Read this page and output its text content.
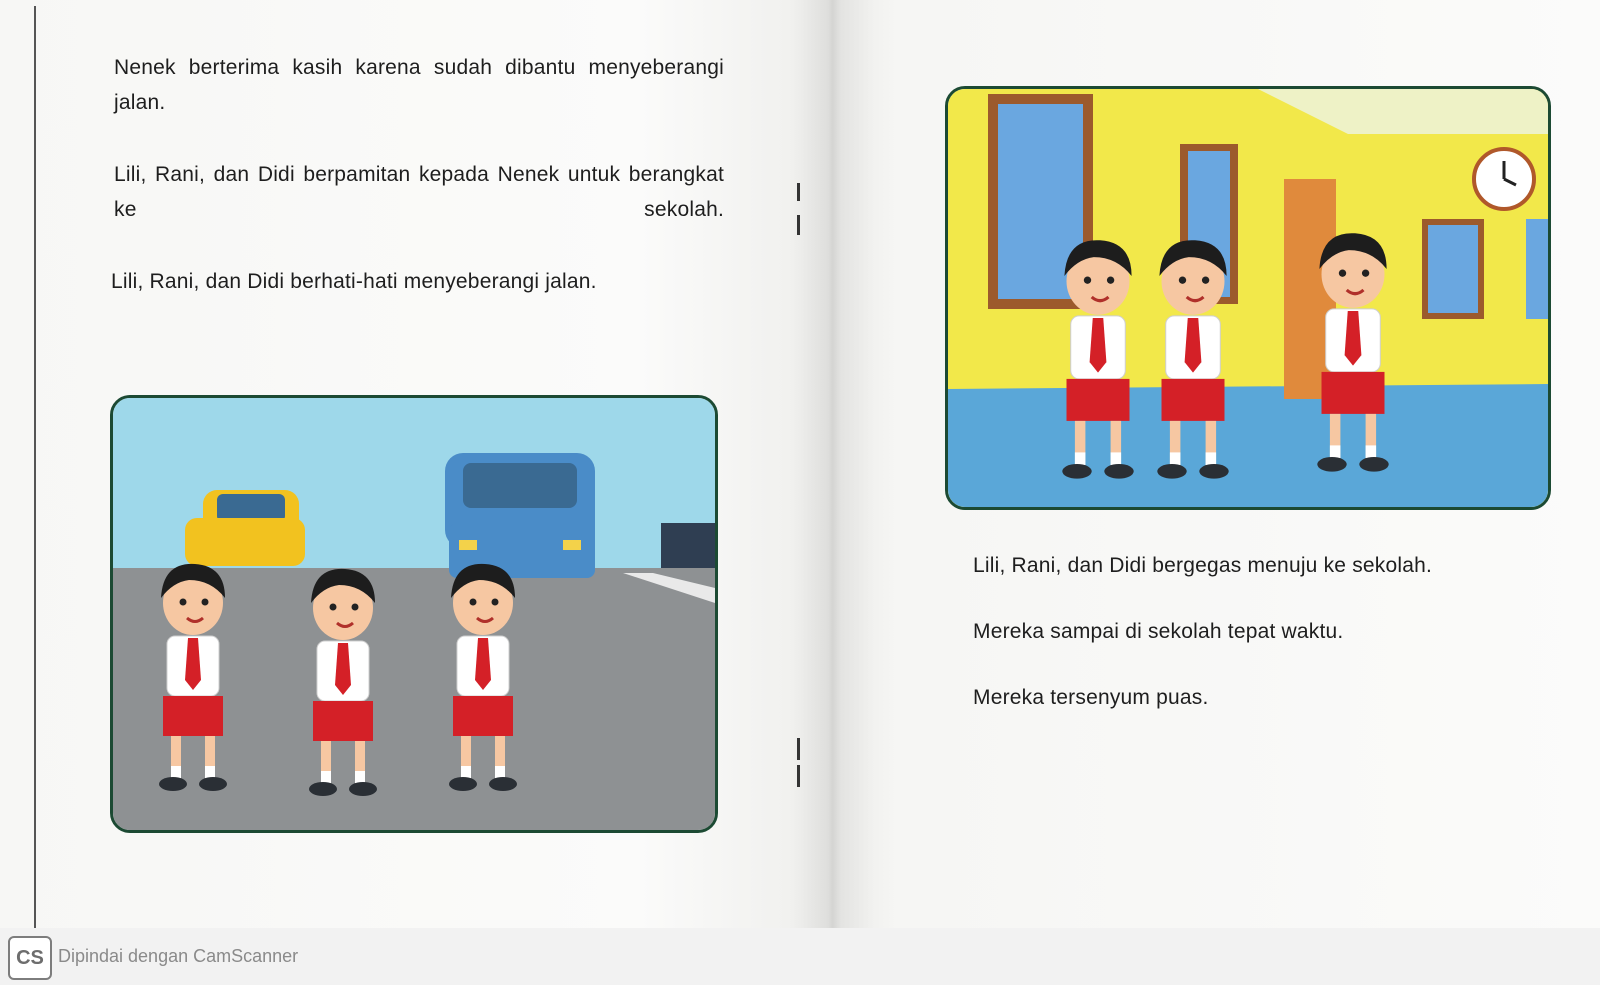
Nenek berterima kasih karena sudah dibantu menyeberangi jalan.

Lili, Rani, dan Didi berpamitan kepada Nenek untuk berangkat ke sekolah.

Lili, Rani, dan Didi berhati-hati menyeberangi jalan.

Lili, Rani, dan Didi bergegas menuju ke sekolah.

Mereka sampai di sekolah tepat waktu.

Mereka tersenyum puas.

CS Dipindai dengan CamScanner
